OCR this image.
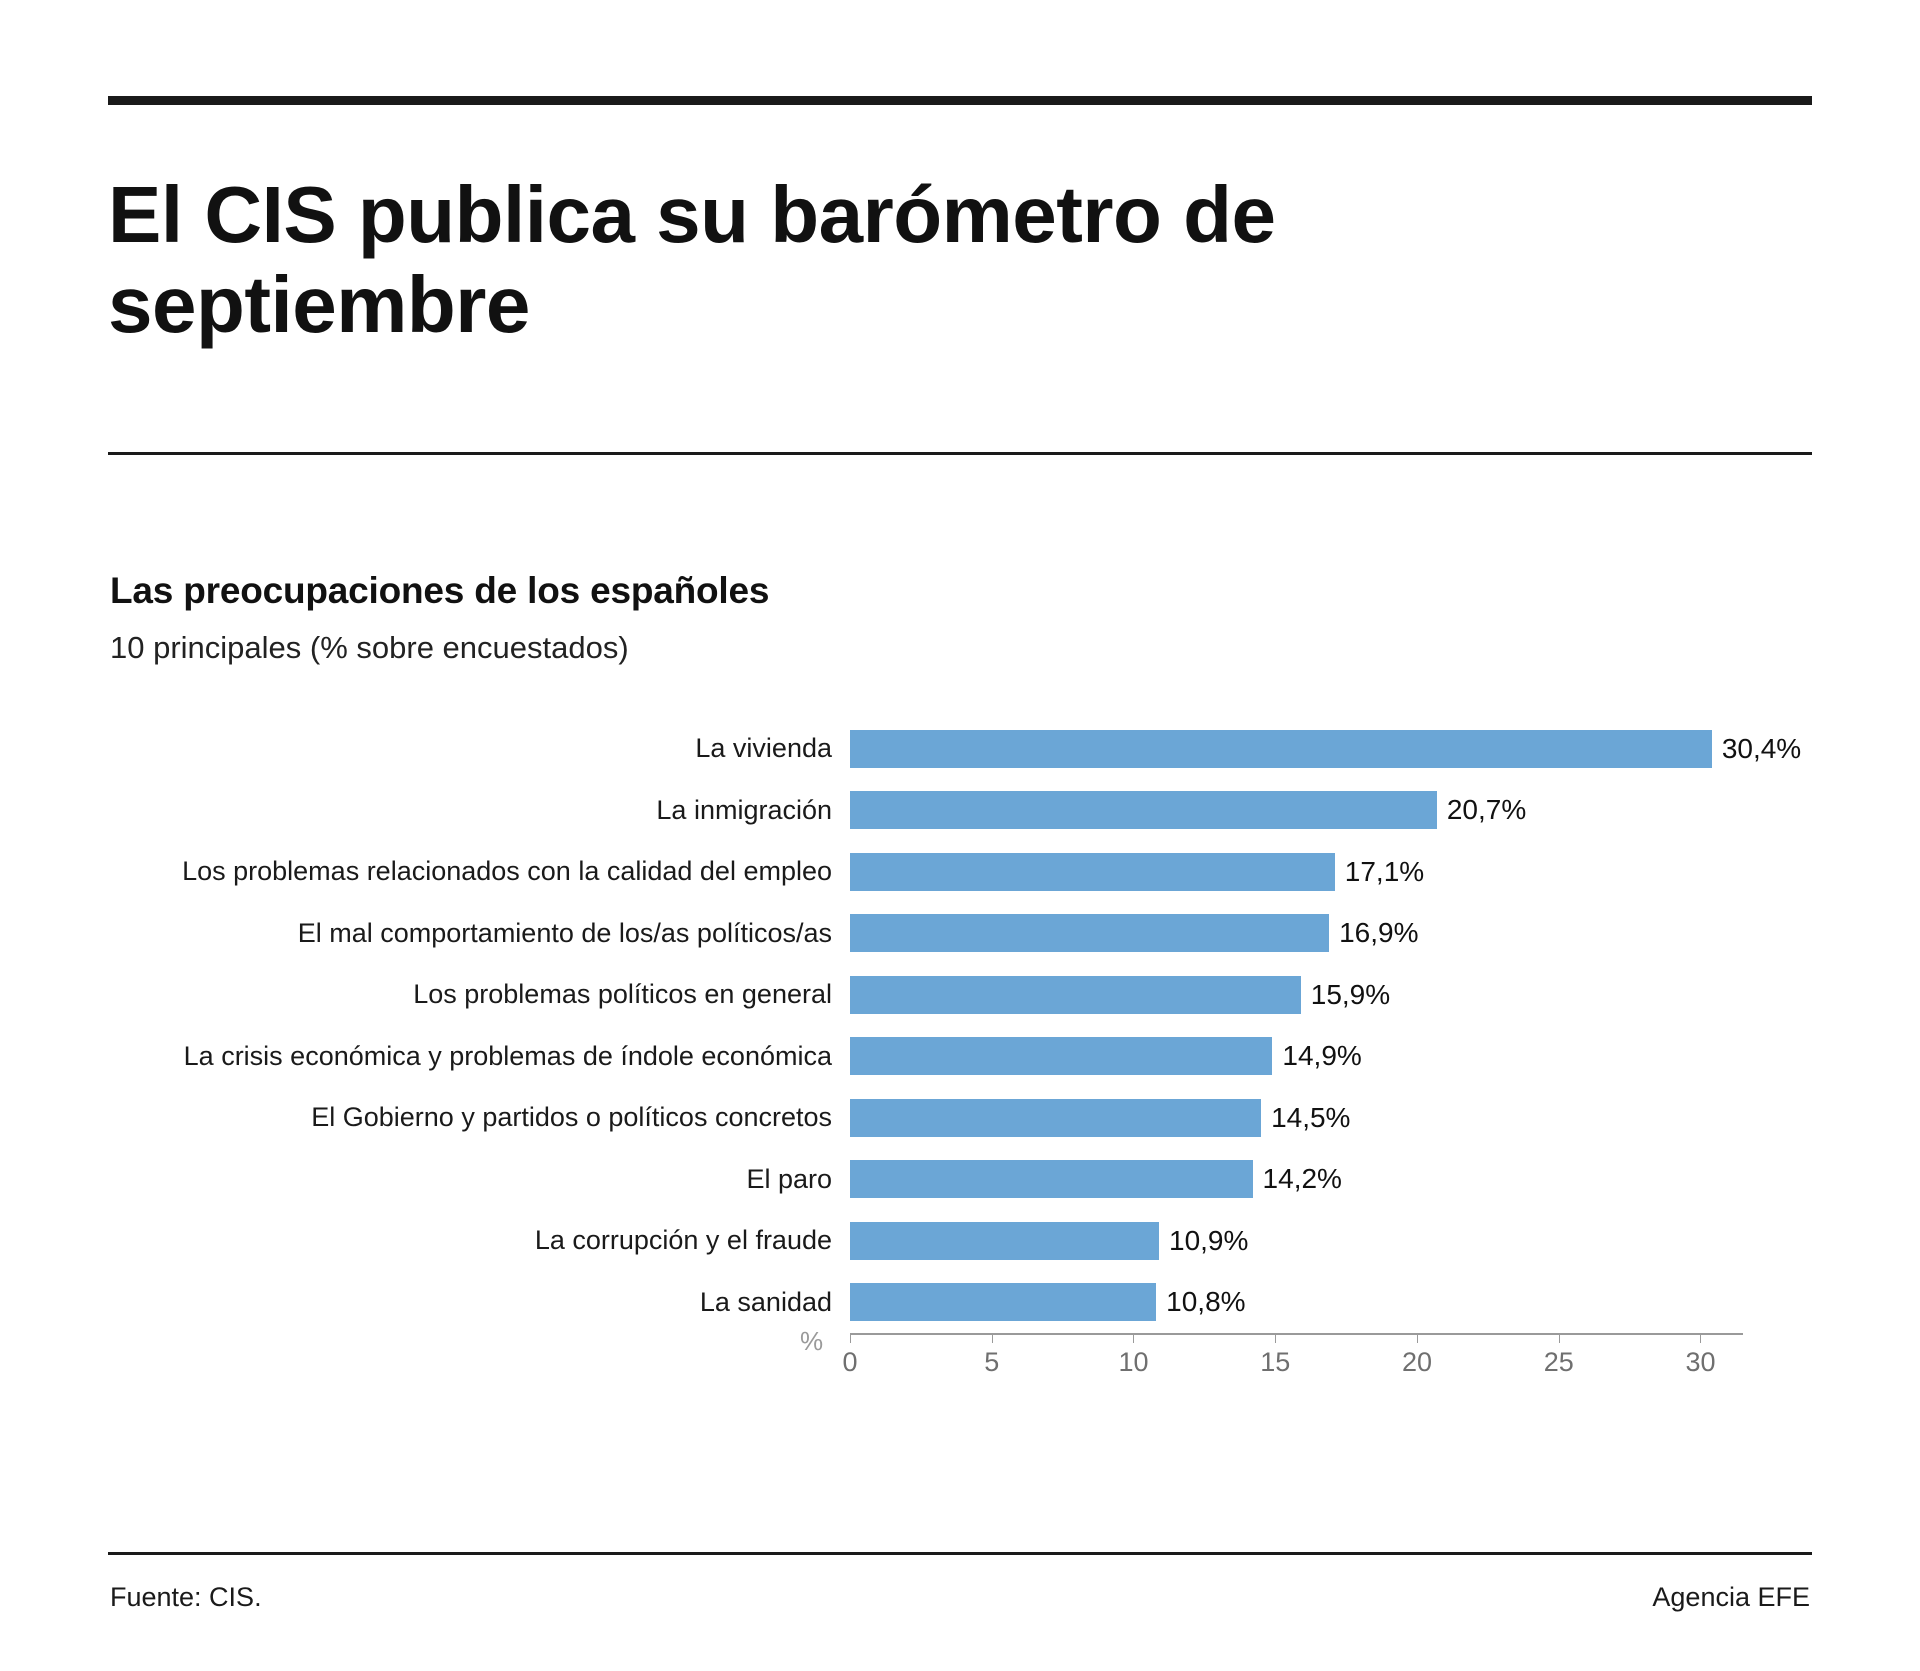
El CIS publica su barómetro de septiembre
Las preocupaciones de los españoles
10 principales (% sobre encuestados)
La vivienda	30,4%
La inmigración	20,7%
Los problemas relacionados con la calidad del empleo	17,1%
El mal comportamiento de los/as políticos/as	16,9%
Los problemas políticos en general	15,9%
La crisis económica y problemas de índole económica	14,9%
El Gobierno y partidos o políticos concretos	14,5%
El paro	14,2%
La corrupción y el fraude	10,9%
La sanidad	10,8%
%
0	5	10	15	20	25	30
Fuente: CIS.	Agencia EFE
